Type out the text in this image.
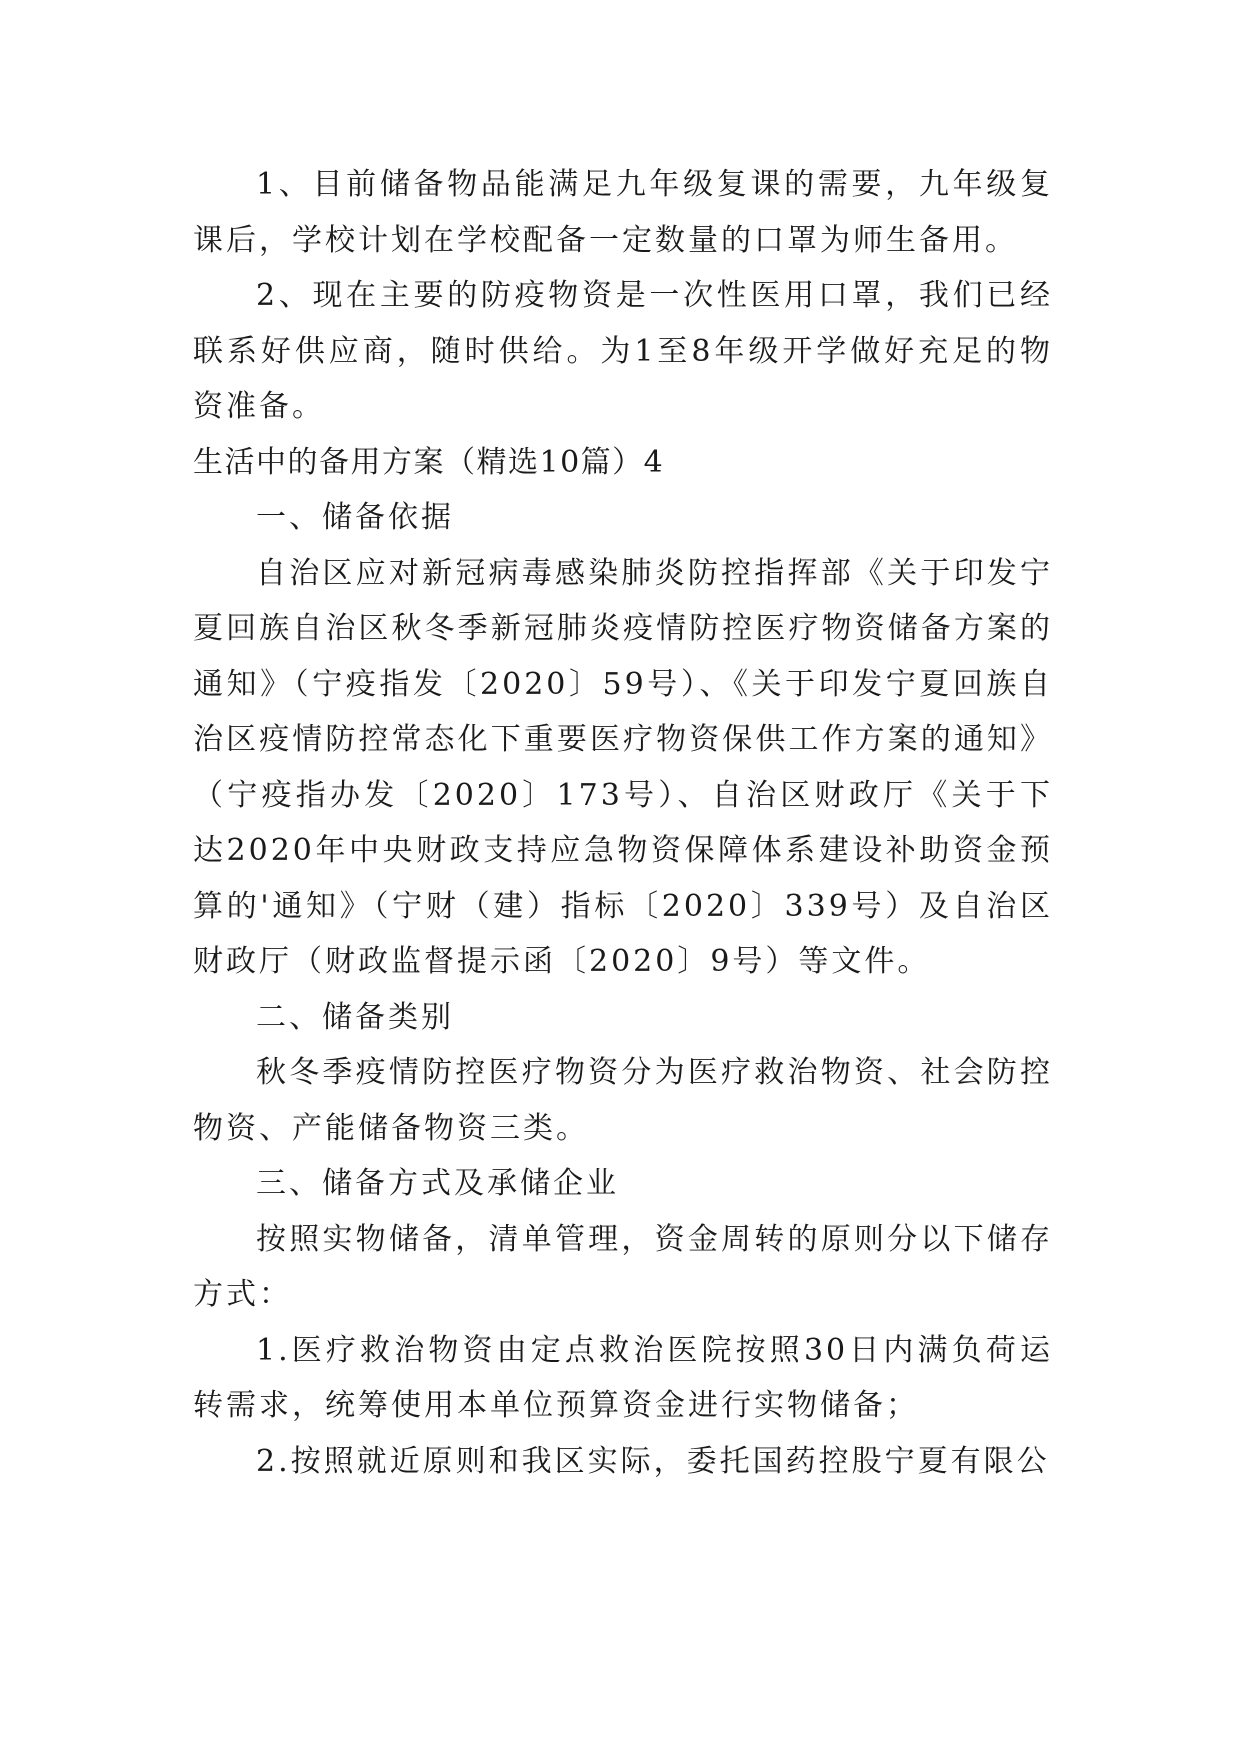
1、目前储备物品能满足九年级复课的需要，九年级复课后，学校计划在学校配备一定数量的口罩为师生备用。

2、现在主要的防疫物资是一次性医用口罩，我们已经联系好供应商，随时供给。为1至8年级开学做好充足的物资准备。

生活中的备用方案（精选10篇）4

一、储备依据

自治区应对新冠病毒感染肺炎防控指挥部《关于印发宁夏回族自治区秋冬季新冠肺炎疫情防控医疗物资储备方案的通知》（宁疫指发〔2020〕59号）、《关于印发宁夏回族自治区疫情防控常态化下重要医疗物资保供工作方案的通知》（宁疫指办发〔2020〕173号）、自治区财政厅《关于下达2020年中央财政支持应急物资保障体系建设补助资金预算的'通知》（宁财（建）指标〔2020〕339号）及自治区财政厅（财政监督提示函〔2020〕9号）等文件。

二、储备类别

秋冬季疫情防控医疗物资分为医疗救治物资、社会防控物资、产能储备物资三类。

三、储备方式及承储企业

按照实物储备，清单管理，资金周转的原则分以下储存方式：

1.医疗救治物资由定点救治医院按照30日内满负荷运转需求，统筹使用本单位预算资金进行实物储备；

2.按照就近原则和我区实际，委托国药控股宁夏有限公
